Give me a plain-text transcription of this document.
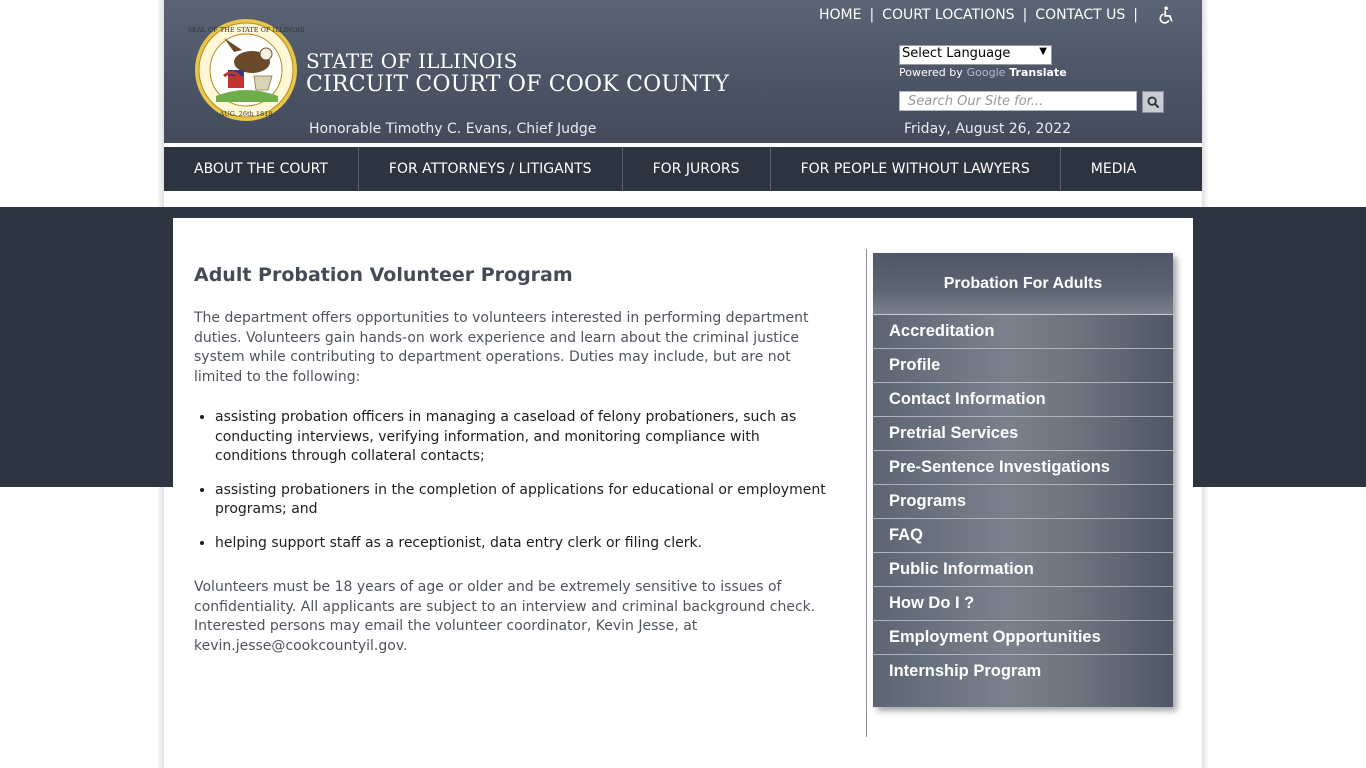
SEAL OF THE STATE OF ILLINOIS
AUG. 26th 1818
STATE OF ILLINOIS
CIRCUIT COURT OF COOK COUNTY
Honorable Timothy C. Evans, Chief Judge	Friday, August 26, 2022
HOME | COURT LOCATIONS | CONTACT US |
Select Language	▼
Powered by Google Translate
Search Our Site for...
ABOUT THE COURT	FOR ATTORNEYS / LITIGANTS	FOR JURORS	FOR PEOPLE WITHOUT LAWYERS	MEDIA
Adult Probation Volunteer Program

The department offers opportunities to volunteers interested in performing department duties. Volunteers gain hands-on work experience and learn about the criminal justice system while contributing to department operations. Duties may include, but are not limited to the following:

• assisting probation officers in managing a caseload of felony probationers, such as conducting interviews, verifying information, and monitoring compliance with conditions through collateral contacts;
• assisting probationers in the completion of applications for educational or employment programs; and
• helping support staff as a receptionist, data entry clerk or filing clerk.

Volunteers must be 18 years of age or older and be extremely sensitive to issues of confidentiality. All applicants are subject to an interview and criminal background check. Interested persons may email the volunteer coordinator, Kevin Jesse, at kevin.jesse@cookcountyil.gov.

Probation For Adults
Accreditation
Profile
Contact Information
Pretrial Services
Pre-Sentence Investigations
Programs
FAQ
Public Information
How Do I ?
Employment Opportunities
Internship Program
